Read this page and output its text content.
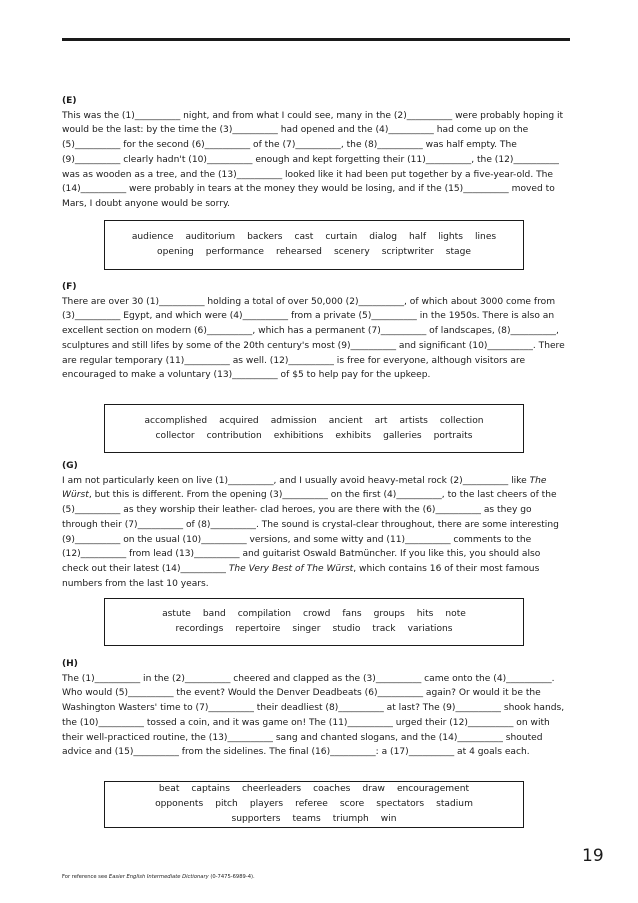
(E)

This was the (1)__________ night, and from what I could see, many in the (2)__________ were probably hoping it would be the last: by the time the (3)__________ had opened and the (4)__________ had come up on the (5)__________ for the second (6)__________ of the (7)__________, the (8)__________ was half empty. The (9)__________ clearly hadn't (10)__________ enough and kept forgetting their (11)__________, the (12)__________ was as wooden as a tree, and the (13)__________ looked like it had been put together by a five-year-old. The (14)__________ were probably in tears at the money they would be losing, and if the (15)__________ moved to Mars, I doubt anyone would be sorry.

audience auditorium backers cast curtain dialog half lights lines
opening performance rehearsed scenery scriptwriter stage
(F)

There are over 30 (1)__________ holding a total of over 50,000 (2)__________, of which about 3000 come from (3)__________ Egypt, and which were (4)__________ from a private (5)__________ in the 1950s. There is also an excellent section on modern (6)__________, which has a permanent (7)__________ of landscapes, (8)__________, sculptures and still lifes by some of the 20th century's most (9)__________ and significant (10)__________. There are regular temporary (11)__________ as well. (12)__________ is free for everyone, although visitors are encouraged to make a voluntary (13)__________ of $5 to help pay for the upkeep.

accomplished acquired admission ancient art artists collection
collector contribution exhibitions exhibits galleries portraits
(G)

I am not particularly keen on live (1)__________, and I usually avoid heavy-metal rock (2)__________ like The Würst, but this is different. From the opening (3)__________ on the first (4)__________, to the last cheers of the (5)__________ as they worship their leather- clad heroes, you are there with the (6)__________ as they go through their (7)__________ of (8)__________. The sound is crystal-clear throughout, there are some interesting (9)__________ on the usual (10)__________ versions, and some witty and (11)__________ comments to the (12)__________ from lead (13)__________ and guitarist Oswald Batmüncher. If you like this, you should also check out their latest (14)__________ The Very Best of The Würst, which contains 16 of their most famous numbers from the last 10 years.

astute band compilation crowd fans groups hits note
recordings repertoire singer studio track variations
(H)

The (1)__________ in the (2)__________ cheered and clapped as the (3)__________ came onto the (4)__________. Who would (5)__________ the event? Would the Denver Deadbeats (6)__________ again? Or would it be the Washington Wasters' time to (7)__________ their deadliest (8)__________ at last? The (9)__________ shook hands, the (10)__________ tossed a coin, and it was game on! The (11)__________ urged their (12)__________ on with their well-practiced routine, the (13)__________ sang and chanted slogans, and the (14)__________ shouted advice and (15)__________ from the sidelines. The final (16)__________: a (17)__________ at 4 goals each.

beat captains cheerleaders coaches draw encouragement
opponents pitch players referee score spectators stadium
supporters teams triumph win
19
For reference see Easier English Intermediate Dictionary (0-7475-6989-4).
